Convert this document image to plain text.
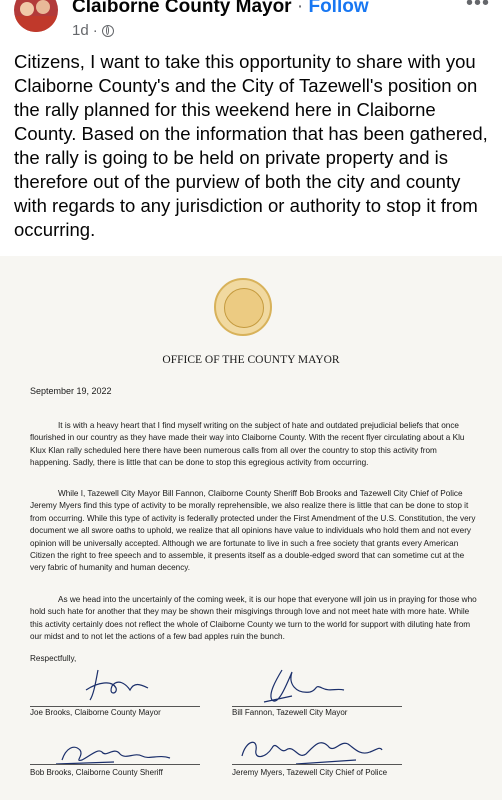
Claiborne County Mayor · Follow
1d ·
•••
Citizens, I want to take this opportunity to share with you Claiborne County's and the City of Tazewell's position on the rally planned for this weekend here in Claiborne County. Based on the information that has been gathered, the rally is going to be held on private property and is therefore out of the purview of both the city and county with regards to any jurisdiction or authority to stop it from occurring.
OFFICE OF THE COUNTY MAYOR
September 19, 2022
It is with a heavy heart that I find myself writing on the subject of hate and outdated prejudicial beliefs that once flourished in our country as they have made their way into Claiborne County. With the recent flyer circulating about a Klu Klux Klan rally scheduled here there have been numerous calls from all over the country to stop this activity from happening. Sadly, there is little that can be done to stop this egregious activity from occurring.
While I, Tazewell City Mayor Bill Fannon, Claiborne County Sheriff Bob Brooks and Tazewell City Chief of Police Jeremy Myers find this type of activity to be morally reprehensible, we also realize there is little that can be done to stop it from occurring. While this type of activity is federally protected under the First Amendment of the U.S. Constitution, the very document we all swore oaths to uphold, we realize that all opinions have value to individuals who hold them and not every opinion will be universally accepted. Although we are fortunate to live in such a free society that grants every American Citizen the right to free speech and to assemble, it presents itself as a double-edged sword that can sometime cut at the very fabric of humanity and human decency.
As we head into the uncertainly of the coming week, it is our hope that everyone will join us in praying for those who hold such hate for another that they may be shown their misgivings through love and not meet hate with more hate. While this activity certainly does not reflect the whole of Claiborne County we turn to the world for support with diluting hate from our midst and to not let the actions of a few bad apples ruin the bunch.
Respectfully,
Joe Brooks, Claiborne County Mayor	Bill Fannon, Tazewell City Mayor
Bob Brooks, Claiborne County Sheriff	Jeremy Myers, Tazewell City Chief of Police
